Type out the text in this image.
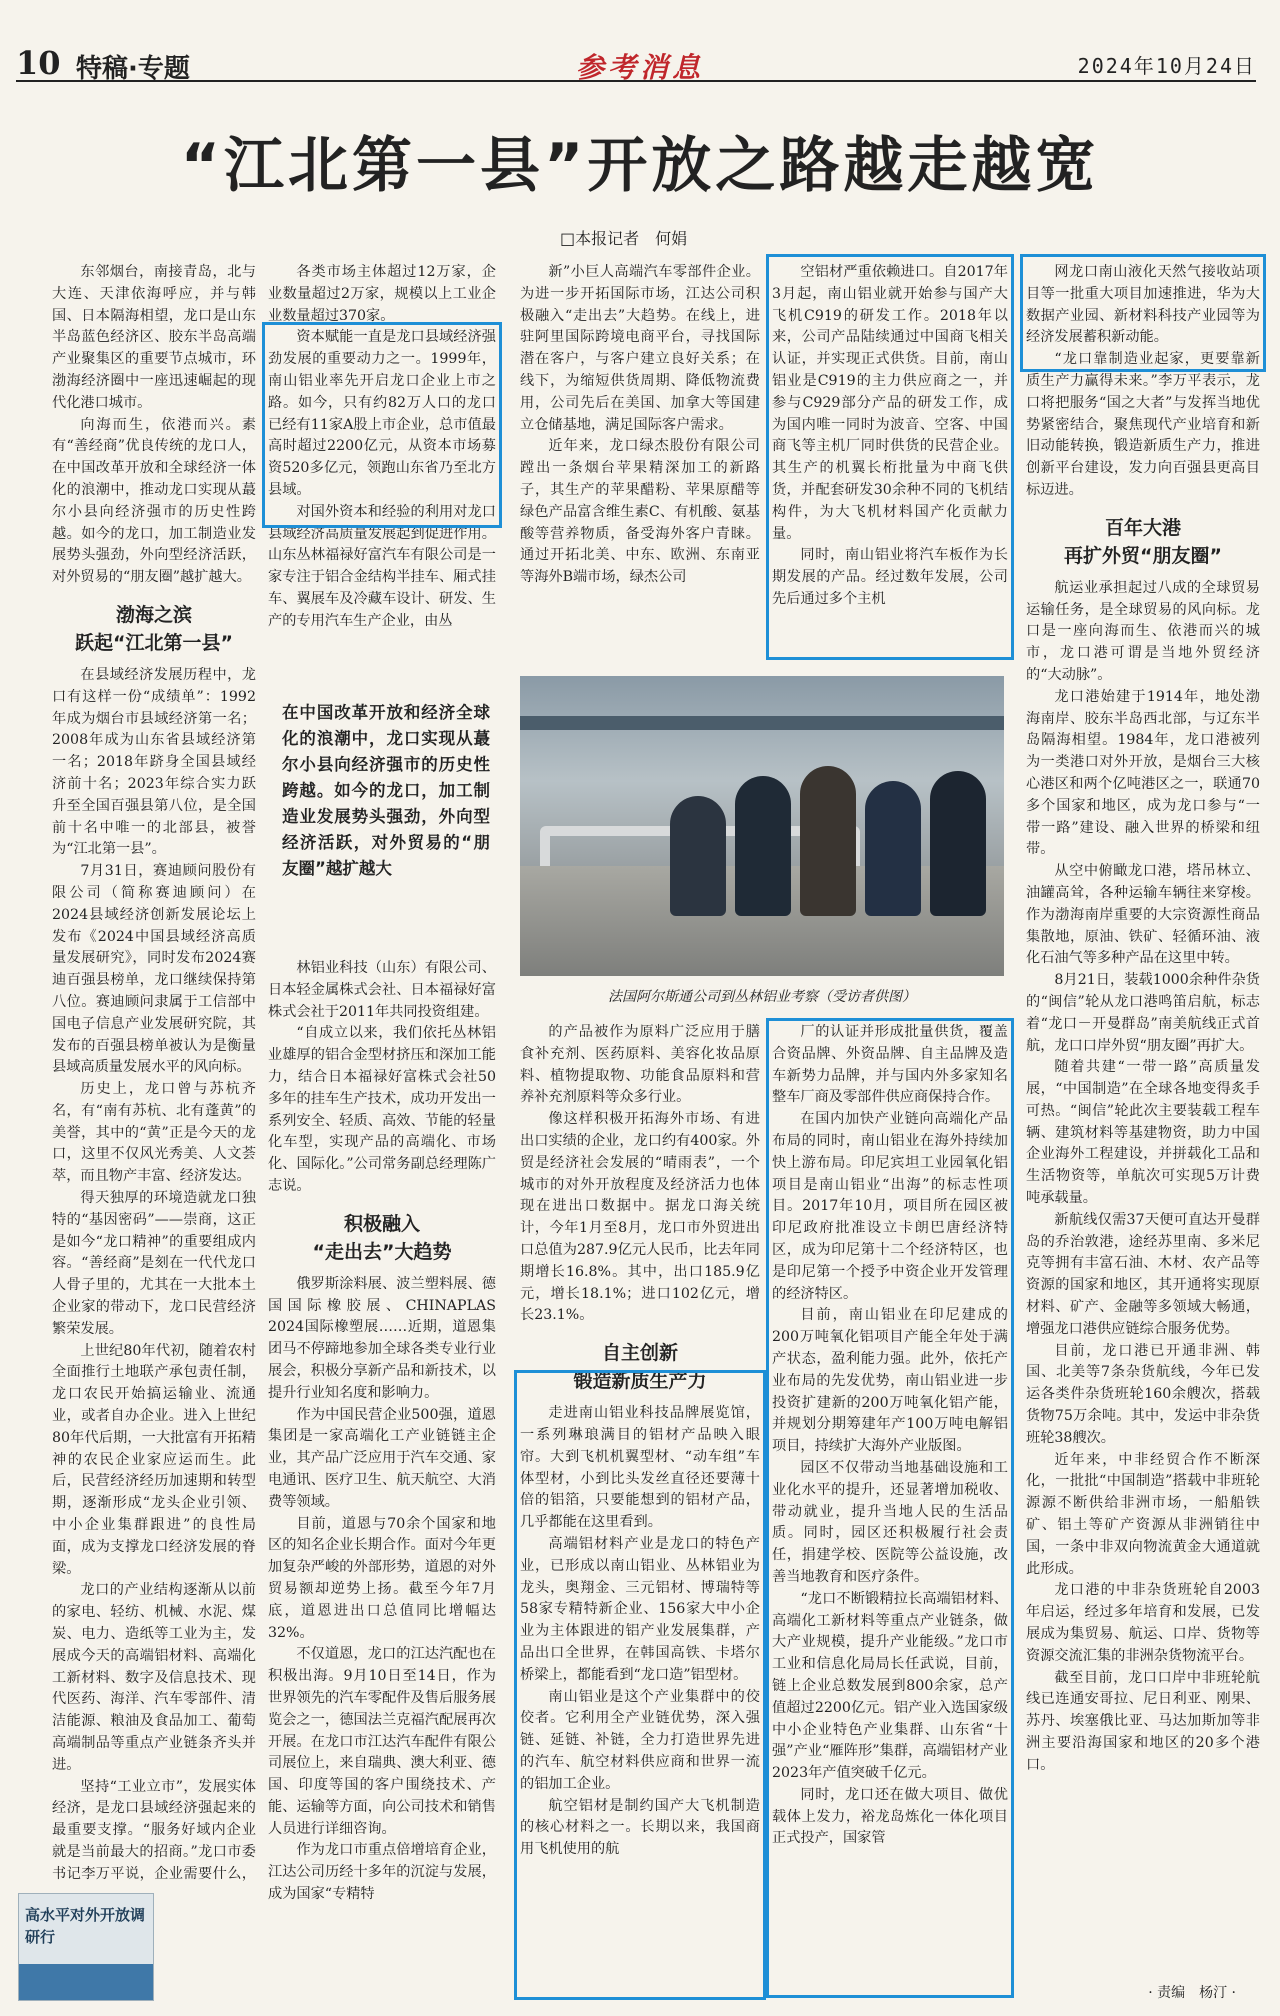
10 特稿·专题	参考消息	2024年10月24日
“江北第一县”开放之路越走越宽
□本报记者　何娟

东邻烟台，南接青岛，北与大连、天津依海呼应，并与韩国、日本隔海相望，龙口是山东半岛蓝色经济区、胶东半岛高端产业聚集区的重要节点城市，环渤海经济圈中一座迅速崛起的现代化港口城市。

向海而生，依港而兴。素有“善经商”优良传统的龙口人，在中国改革开放和全球经济一体化的浪潮中，推动龙口实现从蕞尔小县向经济强市的历史性跨越。如今的龙口，加工制造业发展势头强劲，外向型经济活跃，对外贸易的“朋友圈”越扩越大。

渤海之滨
跃起“江北第一县”

在县域经济发展历程中，龙口有这样一份“成绩单”：1992年成为烟台市县域经济第一名；2008年成为山东省县域经济第一名；2018年跻身全国县域经济前十名；2023年综合实力跃升至全国百强县第八位，是全国前十名中唯一的北部县，被誉为“江北第一县”。

7月31日，赛迪顾问股份有限公司（简称赛迪顾问）在2024县域经济创新发展论坛上发布《2024中国县域经济高质量发展研究》，同时发布2024赛迪百强县榜单，龙口继续保持第八位。赛迪顾问隶属于工信部中国电子信息产业发展研究院，其发布的百强县榜单被认为是衡量县域高质量发展水平的风向标。

历史上，龙口曾与苏杭齐名，有“南有苏杭、北有蓬黄”的美誉，其中的“黄”正是今天的龙口，这里不仅风光秀美、人文荟萃，而且物产丰富、经济发达。

得天独厚的环境造就龙口独特的“基因密码”——崇商，这正是如今“龙口精神”的重要组成内容。“善经商”是刻在一代代龙口人骨子里的，尤其在一大批本土企业家的带动下，龙口民营经济繁荣发展。

上世纪80年代初，随着农村全面推行土地联产承包责任制，龙口农民开始搞运输业、流通业，或者自办企业。进入上世纪80年代后期，一大批富有开拓精神的农民企业家应运而生。此后，民营经济经历加速期和转型期，逐渐形成“龙头企业引领、中小企业集群跟进”的良性局面，成为支撑龙口经济发展的脊梁。

龙口的产业结构逐渐从以前的家电、轻纺、机械、水泥、煤炭、电力、造纸等工业为主，发展成今天的高端铝材料、高端化工新材料、数字及信息技术、现代医药、海洋、汽车零部件、清洁能源、粮油及食品加工、葡萄高端制品等重点产业链条齐头并进。

坚持“工业立市”，发展实体经济，是龙口县域经济强起来的最重要支撑。“服务好域内企业就是当前最大的招商。”龙口市委书记李万平说，企业需要什么，

各类市场主体超过12万家，企业数量超过2万家，规模以上工业企业数量超过370家。

资本赋能一直是龙口县域经济强劲发展的重要动力之一。1999年，南山铝业率先开启龙口企业上市之路。如今，只有约82万人口的龙口已经有11家A股上市企业，总市值最高时超过2200亿元，从资本市场募资520多亿元，领跑山东省乃至北方县域。

对国外资本和经验的利用对龙口县域经济高质量发展起到促进作用。山东丛林福禄好富汽车有限公司是一家专注于铝合金结构半挂车、厢式挂车、翼展车及冷藏车设计、研发、生产的专用汽车生产企业，由丛

在中国改革开放和经济全球化的浪潮中，龙口实现从蕞尔小县向经济强市的历史性跨越。如今的龙口，加工制造业发展势头强劲，外向型经济活跃，对外贸易的“朋友圈”越扩越大

林铝业科技（山东）有限公司、日本轻金属株式会社、日本福禄好富株式会社于2011年共同投资组建。

“自成立以来，我们依托丛林铝业雄厚的铝合金型材挤压和深加工能力，结合日本福禄好富株式会社50多年的挂车生产技术，成功开发出一系列安全、轻质、高效、节能的轻量化车型，实现产品的高端化、市场化、国际化。”公司常务副总经理陈广志说。

积极融入
“走出去”大趋势

俄罗斯涂料展、波兰塑料展、德国国际橡胶展、CHINAPLAS 2024国际橡塑展……近期，道恩集团马不停蹄地参加全球各类专业行业展会，积极分享新产品和新技术，以提升行业知名度和影响力。

作为中国民营企业500强，道恩集团是一家高端化工产业链链主企业，其产品广泛应用于汽车交通、家电通讯、医疗卫生、航天航空、大消费等领域。

目前，道恩与70余个国家和地区的知名企业长期合作。面对今年更加复杂严峻的外部形势，道恩的对外贸易额却逆势上扬。截至今年7月底，道恩进出口总值同比增幅达32%。

不仅道恩，龙口的江达汽配也在积极出海。9月10日至14日，作为世界领先的汽车零配件及售后服务展览会之一，德国法兰克福汽配展再次开展。在龙口市江达汽车配件有限公司展位上，来自瑞典、澳大利亚、德国、印度等国的客户围绕技术、产能、运输等方面，向公司技术和销售人员进行详细咨询。

作为龙口市重点倍增培育企业，江达公司历经十多年的沉淀与发展，成为国家“专精特

新”小巨人高端汽车零部件企业。为进一步开拓国际市场，江达公司积极融入“走出去”大趋势。在线上，进驻阿里国际跨境电商平台，寻找国际潜在客户，与客户建立良好关系；在线下，为缩短供货周期、降低物流费用，公司先后在美国、加拿大等国建立仓储基地，满足国际客户需求。

近年来，龙口绿杰股份有限公司蹚出一条烟台苹果精深加工的新路子，其生产的苹果醋粉、苹果原醋等绿色产品富含维生素C、有机酸、氨基酸等营养物质，备受海外客户青睐。通过开拓北美、中东、欧洲、东南亚等海外B端市场，绿杰公司

空铝材严重依赖进口。自2017年3月起，南山铝业就开始参与国产大飞机C919的研发工作。2018年以来，公司产品陆续通过中国商飞相关认证，并实现正式供货。目前，南山铝业是C919的主力供应商之一，并参与C929部分产品的研发工作，成为国内唯一同时为波音、空客、中国商飞等主机厂同时供货的民营企业。其生产的机翼长桁批量为中商飞供货，并配套研发30余种不同的飞机结构件，为大飞机材料国产化贡献力量。

同时，南山铝业将汽车板作为长期发展的产品。经过数年发展，公司先后通过多个主机

法国阿尔斯通公司到丛林铝业考察（受访者供图）

的产品被作为原料广泛应用于膳食补充剂、医药原料、美容化妆品原料、植物提取物、功能食品原料和营养补充剂原料等众多行业。

像这样积极开拓海外市场、有进出口实绩的企业，龙口约有400家。外贸是经济社会发展的“晴雨表”，一个城市的对外开放程度及经济活力也体现在进出口数据中。据龙口海关统计，今年1月至8月，龙口市外贸进出口总值为287.9亿元人民币，比去年同期增长16.8%。其中，出口185.9亿元，增长18.1%；进口102亿元，增长23.1%。

自主创新
锻造新质生产力

走进南山铝业科技品牌展览馆，一系列琳琅满目的铝材产品映入眼帘。大到飞机机翼型材、“动车组”车体型材，小到比头发丝直径还要薄十倍的铝箔，只要能想到的铝材产品，几乎都能在这里看到。

高端铝材料产业是龙口的特色产业，已形成以南山铝业、丛林铝业为龙头，奥翔金、三元铝材、博瑞特等58家专精特新企业、156家大中小企业为主体跟进的铝产业发展集群，产品出口全世界，在韩国高铁、卡塔尔桥梁上，都能看到“龙口造”铝型材。

南山铝业是这个产业集群中的佼佼者。它利用全产业链优势，深入强链、延链、补链，全力打造世界先进的汽车、航空材料供应商和世界一流的铝加工企业。

航空铝材是制约国产大飞机制造的核心材料之一。长期以来，我国商用飞机使用的航

厂的认证并形成批量供货，覆盖合资品牌、外资品牌、自主品牌及造车新势力品牌，并与国内外多家知名整车厂商及零部件供应商保持合作。

在国内加快产业链向高端化产品布局的同时，南山铝业在海外持续加快上游布局。印尼宾坦工业园氧化铝项目是南山铝业“出海”的标志性项目。2017年10月，项目所在园区被印尼政府批准设立卡朗巴唐经济特区，成为印尼第十二个经济特区，也是印尼第一个授予中资企业开发管理的经济特区。

目前，南山铝业在印尼建成的200万吨氧化铝项目产能全年处于满产状态，盈利能力强。此外，依托产业布局的先发优势，南山铝业进一步投资扩建新的200万吨氧化铝产能，并规划分期筹建年产100万吨电解铝项目，持续扩大海外产业版图。

园区不仅带动当地基础设施和工业化水平的提升，还显著增加税收、带动就业，提升当地人民的生活品质。同时，园区还积极履行社会责任，捐建学校、医院等公益设施，改善当地教育和医疗条件。

“龙口不断锻精拉长高端铝材料、高端化工新材料等重点产业链条，做大产业规模，提升产业能级。”龙口市工业和信息化局局长任武说，目前，链上企业总数发展到800余家，总产值超过2200亿元。铝产业入选国家级中小企业特色产业集群、山东省“十强”产业“雁阵形”集群，高端铝材产业2023年产值突破千亿元。

同时，龙口还在做大项目、做优载体上发力，裕龙岛炼化一体化项目正式投产，国家管

网龙口南山液化天然气接收站项目等一批重大项目加速推进，华为大数据产业园、新材料科技产业园等为经济发展蓄积新动能。

“龙口靠制造业起家，更要靠新质生产力赢得未来。”李万平表示，龙口将把服务“国之大者”与发挥当地优势紧密结合，聚焦现代产业培育和新旧动能转换，锻造新质生产力，推进创新平台建设，发力向百强县更高目标迈进。

百年大港
再扩外贸“朋友圈”

航运业承担起过八成的全球贸易运输任务，是全球贸易的风向标。龙口是一座向海而生、依港而兴的城市，龙口港可谓是当地外贸经济的“大动脉”。

龙口港始建于1914年，地处渤海南岸、胶东半岛西北部，与辽东半岛隔海相望。1984年，龙口港被列为一类港口对外开放，是烟台三大核心港区和两个亿吨港区之一，联通70多个国家和地区，成为龙口参与“一带一路”建设、融入世界的桥梁和纽带。

从空中俯瞰龙口港，塔吊林立、油罐高耸，各种运输车辆往来穿梭。作为渤海南岸重要的大宗资源性商品集散地，原油、铁矿、轻循环油、液化石油气等多种产品在这里中转。

8月21日，装载1000余种件杂货的“闽信”轮从龙口港鸣笛启航，标志着“龙口－开曼群岛”南美航线正式首航，龙口口岸外贸“朋友圈”再扩大。

随着共建“一带一路”高质量发展，“中国制造”在全球各地变得炙手可热。“闽信”轮此次主要装载工程车辆、建筑材料等基建物资，助力中国企业海外工程建设，并拼载化工品和生活物资等，单航次可实现5万计费吨承载量。

新航线仅需37天便可直达开曼群岛的乔治敦港，途经苏里南、多米尼克等拥有丰富石油、木材、农产品等资源的国家和地区，其开通将实现原材料、矿产、金融等多领域大畅通，增强龙口港供应链综合服务优势。

目前，龙口港已开通非洲、韩国、北美等7条杂货航线，今年已发运各类件杂货班轮160余艘次，搭载货物75万余吨。其中，发运中非杂货班轮38艘次。

近年来，中非经贸合作不断深化，一批批“中国制造”搭载中非班轮源源不断供给非洲市场，一船船铁矿、铝土等矿产资源从非洲销往中国，一条中非双向物流黄金大通道就此形成。

龙口港的中非杂货班轮自2003年启运，经过多年培育和发展，已发展成为集贸易、航运、口岸、货物等资源交流汇集的非洲杂货物流平台。

截至目前，龙口口岸中非班轮航线已连通安哥拉、尼日利亚、刚果、苏丹、埃塞俄比亚、马达加斯加等非洲主要沿海国家和地区的20多个港口。

高水平对外开放调研行
· 责编　杨汀 ·
